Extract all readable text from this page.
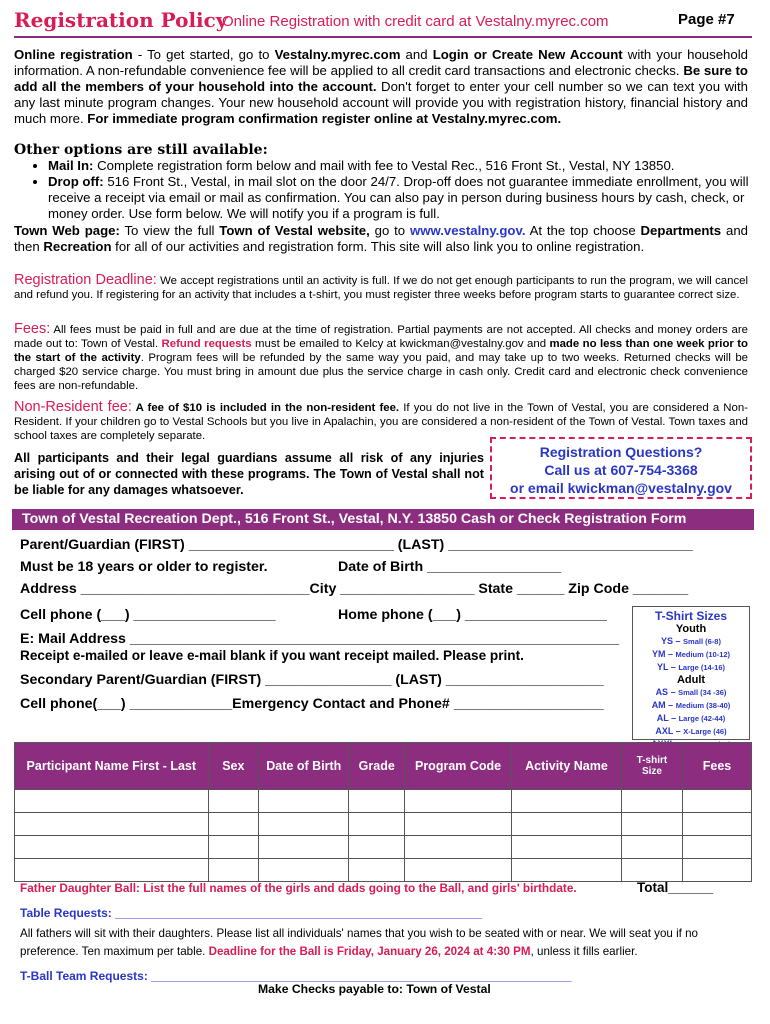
Registration Policy
Online Registration with credit card at Vestalny.myrec.com	Page #7
Online registration - To get started, go to Vestalny.myrec.com and Login or Create New Account with your household information. A non-refundable convenience fee will be applied to all credit card transactions and electronic checks. Be sure to add all the members of your household into the account. Don't forget to enter your cell number so we can text you with any last minute program changes. Your new household account will provide you with registration history, financial history and much more. For immediate program confirmation register online at Vestalny.myrec.com.
Other options are still available:
• Mail In: Complete registration form below and mail with fee to Vestal Rec., 516 Front St., Vestal, NY 13850.
• Drop off: 516 Front St., Vestal, in mail slot on the door 24/7. Drop-off does not guarantee immediate enrollment, you will receive a receipt via email or mail as confirmation. You can also pay in person during business hours by cash, check, or money order. Use form below. We will notify you if a program is full.
Town Web page: To view the full Town of Vestal website, go to www.vestalny.gov. At the top choose Departments and then Recreation for all of our activities and registration form. This site will also link you to online registration.
Registration Deadline: We accept registrations until an activity is full. If we do not get enough participants to run the program, we will cancel and refund you. If registering for an activity that includes a t-shirt, you must register three weeks before program starts to guarantee correct size.
Fees: All fees must be paid in full and are due at the time of registration. Partial payments are not accepted. All checks and money orders are made out to: Town of Vestal. Refund requests must be emailed to Kelcy at kwickman@vestalny.gov and made no less than one week prior to the start of the activity. Program fees will be refunded by the same way you paid, and may take up to two weeks. Returned checks will be charged $20 service charge. You must bring in amount due plus the service charge in cash only. Credit card and electronic check convenience fees are non-refundable.
Non-Resident fee: A fee of $10 is included in the non-resident fee. If you do not live in the Town of Vestal, you are considered a Non-Resident. If your children go to Vestal Schools but you live in Apalachin, you are considered a non-resident of the Town of Vestal. Town taxes and school taxes are completely separate.
All participants and their legal guardians assume all risk of any injuries arising out of or connected with these programs. The Town of Vestal shall not be liable for any damages whatsoever.
Registration Questions?
Call us at 607-754-3368
or email kwickman@vestalny.gov
Town of Vestal Recreation Dept., 516 Front St., Vestal, N.Y. 13850 Cash or Check Registration Form
Parent/Guardian (FIRST) __________________________ (LAST) _______________________________
Must be 18 years or older to register.	Date of Birth _________________
Address _____________________________City _________________ State ______ Zip Code _______
Cell phone (___) __________________	Home phone (___) __________________
E: Mail Address ______________________________________________________________
Receipt e-mailed or leave e-mail blank if you want receipt mailed. Please print.
Secondary Parent/Guardian (FIRST) ________________ (LAST) ____________________
Cell phone(___) _____________Emergency Contact and Phone# ___________________
T-Shirt Sizes
Youth
YS – Small (6-8)
YM – Medium (10-12)
YL – Large (14-16)
Adult
AS – Small (34 -36)
AM – Medium (38-40)
AL – Large (42-44)
AXL – X-Large (46)
Participant Name First - Last	Sex	Date of Birth	Grade	Program Code	Activity Name	T-shirt Size	Fees

Father Daughter Ball: List the full names of the girls and dads going to the Ball, and girls' birthdate.	Total______
Table Requests: _______________________________________________________
All fathers will sit with their daughters. Please list all individuals' names that you wish to be seated with or near. We will seat you if no preference. Ten maximum per table. Deadline for the Ball is Friday, January 26, 2024 at 4:30 PM, unless it fills earlier.
T-Ball Team Requests: _______________________________________________________________
Make Checks payable to: Town of Vestal
